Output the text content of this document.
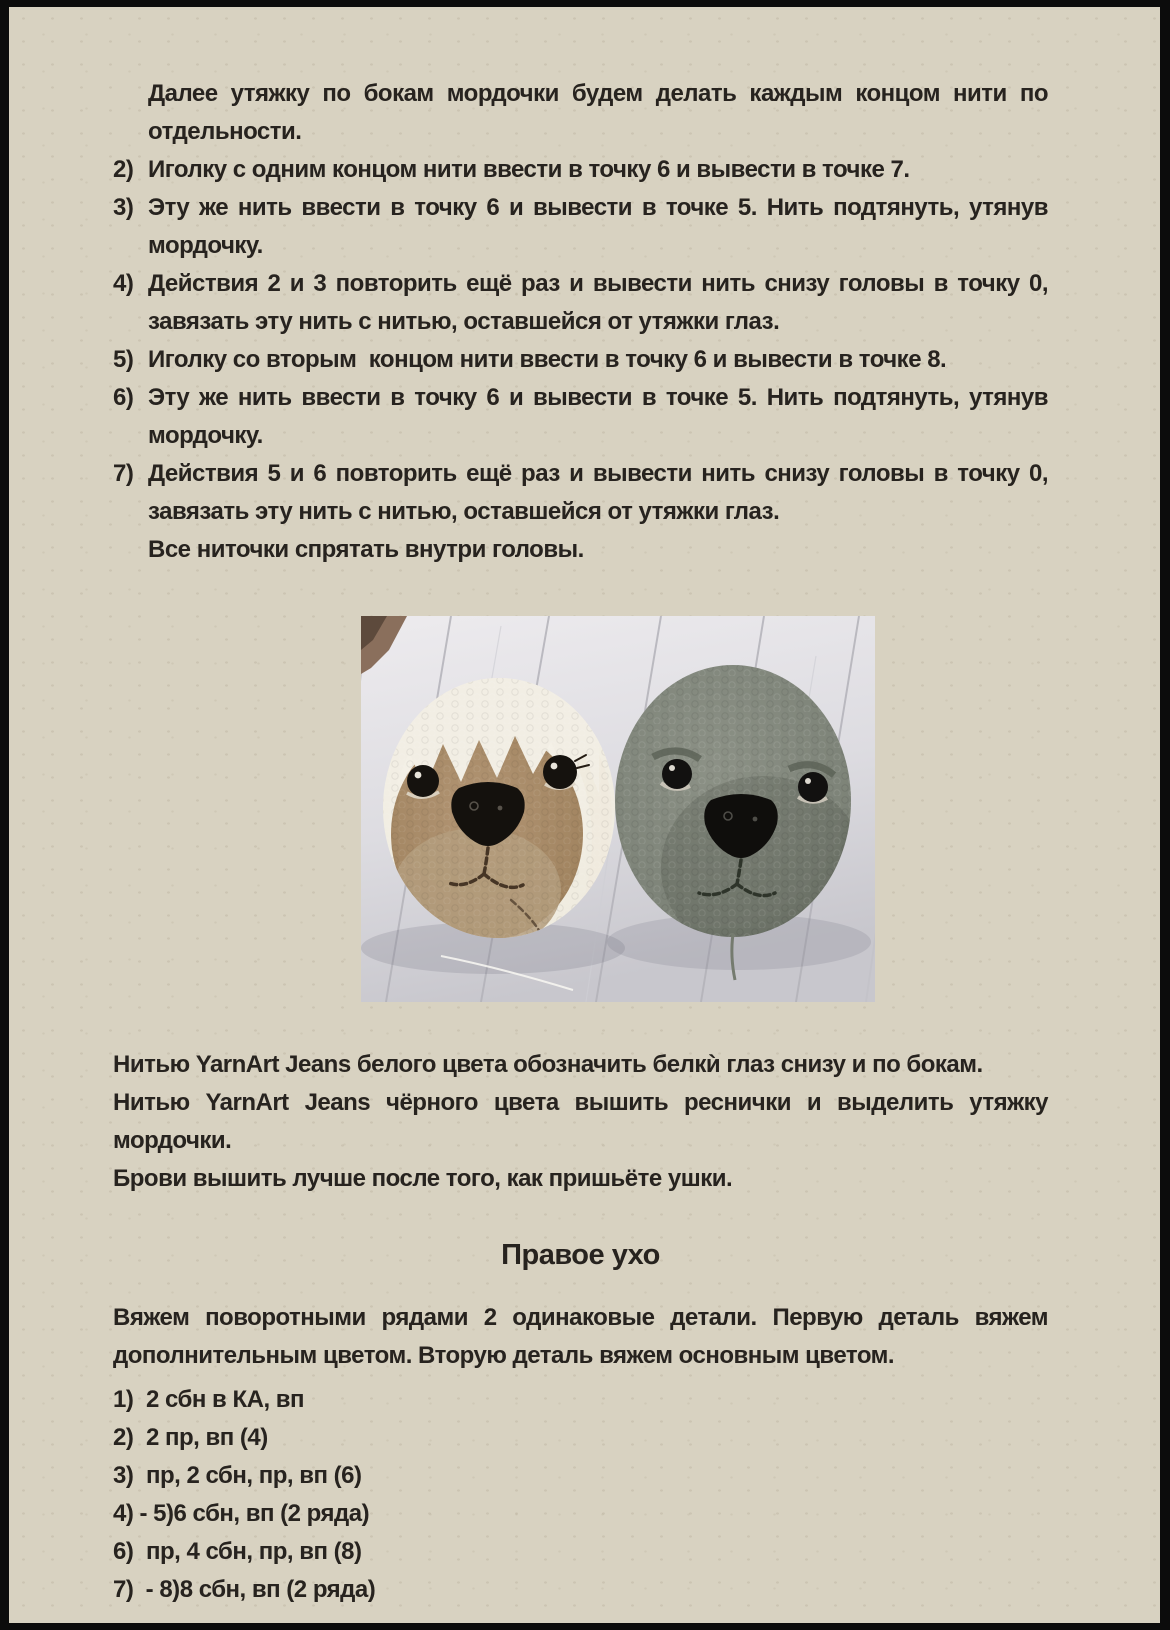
Далее утяжку по бокам мордочки будем делать каждым концом нити по отдельности.

2) Иголку с одним концом нити ввести в точку 6 и вывести в точке 7.

3) Эту же нить ввести в точку 6 и вывести в точке 5. Нить подтянуть, утянув мордочку.

4) Действия 2 и 3 повторить ещё раз и вывести нить снизу головы в точку 0, завязать эту нить с нитью, оставшейся от утяжки глаз.

5) Иголку со вторым  концом нити ввести в точку 6 и вывести в точке 8.

6) Эту же нить ввести в точку 6 и вывести в точке 5. Нить подтянуть, утянув мордочку.

7) Действия 5 и 6 повторить ещё раз и вывести нить снизу головы в точку 0, завязать эту нить с нитью, оставшейся от утяжки глаз.

Все ниточки спрятать внутри головы.

Нитью YarnArt Jeans белого цвета обозначить белкѝ глаз снизу и по бокам.

Нитью YarnArt Jeans чёрного цвета вышить реснички и выделить утяжку мордочки.

Брови вышить лучше после того, как пришьёте ушки.

Правое ухо

Вяжем поворотными рядами 2 одинаковые детали. Первую деталь вяжем дополнительным цветом. Вторую деталь вяжем основным цветом.

1) 2 сбн в КА, вп

2) 2 пр, вп (4)

3) пр, 2 сбн, пр, вп (6)

4) - 5)6 сбн, вп (2 ряда)

6) пр, 4 сбн, пр, вп (8)

7)  - 8)8 сбн, вп (2 ряда)
